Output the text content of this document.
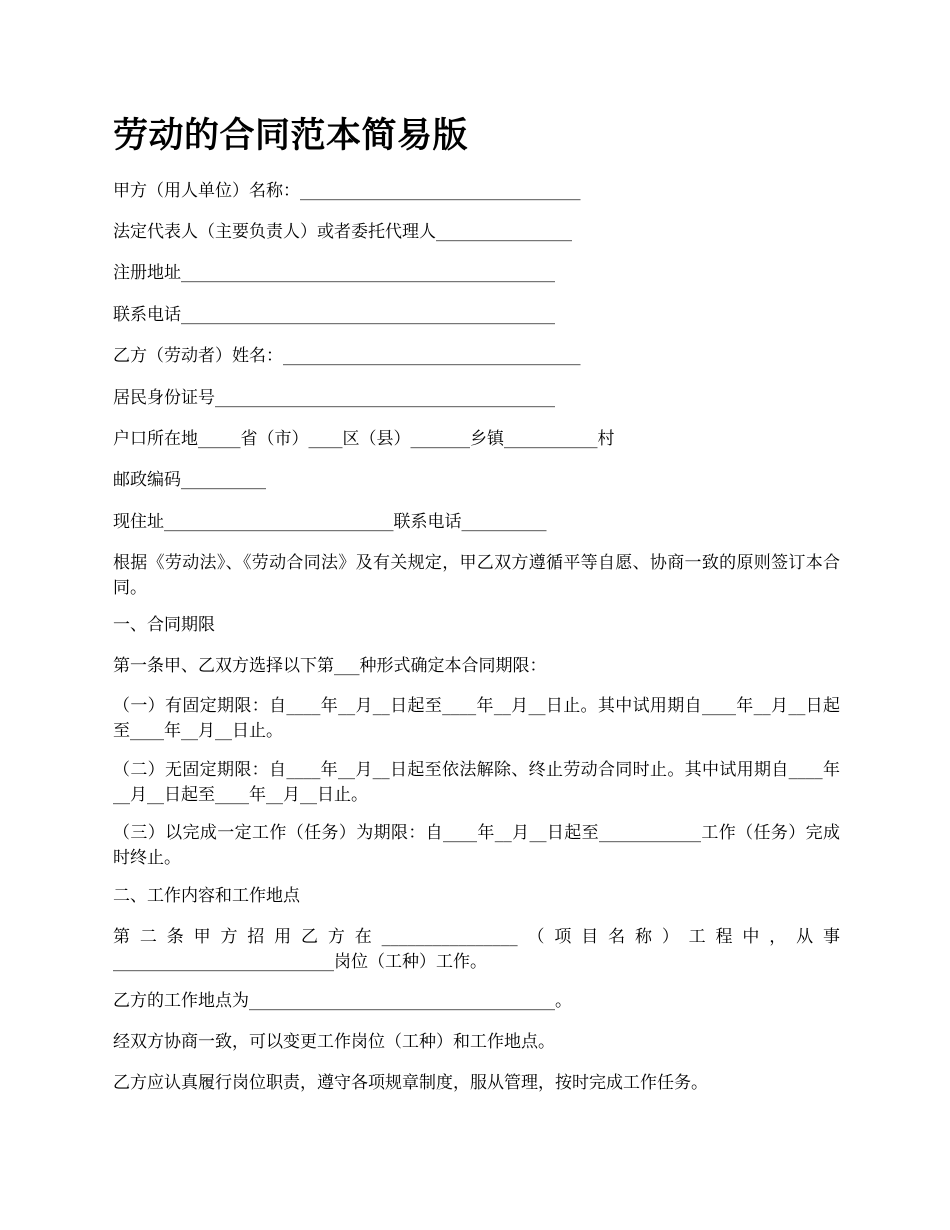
劳动的合同范本简易版

甲方（用人单位）名称：_________________________________

法定代表人（主要负责人）或者委托代理人________________

注册地址____________________________________________

联系电话____________________________________________

乙方（劳动者）姓名：___________________________________

居民身份证号________________________________________

户口所在地_____省（市）____区（县）_______乡镇___________村

邮政编码__________

现住址___________________________联系电话__________

根据《劳动法》、《劳动合同法》及有关规定，甲乙双方遵循平等自愿、协商一致的原则签订本合同。

一、合同期限

第一条甲、乙双方选择以下第___种形式确定本合同期限：

（一）有固定期限：自____年__月__日起至____年__月__日止。其中试用期自____年__月__日起至____年__月__日止。

（二）无固定期限：自____年__月__日起至依法解除、终止劳动合同时止。其中试用期自____年__月__日起至____年__月__日止。

（三）以完成一定工作（任务）为期限：自____年__月__日起至____________工作（任务）完成时终止。

二、工作内容和工作地点

第二条甲方招用乙方在________________（项目名称）工程中，从事__________________________岗位（工种）工作。

乙方的工作地点为____________________________________。

经双方协商一致，可以变更工作岗位（工种）和工作地点。

乙方应认真履行岗位职责，遵守各项规章制度，服从管理，按时完成工作任务。
